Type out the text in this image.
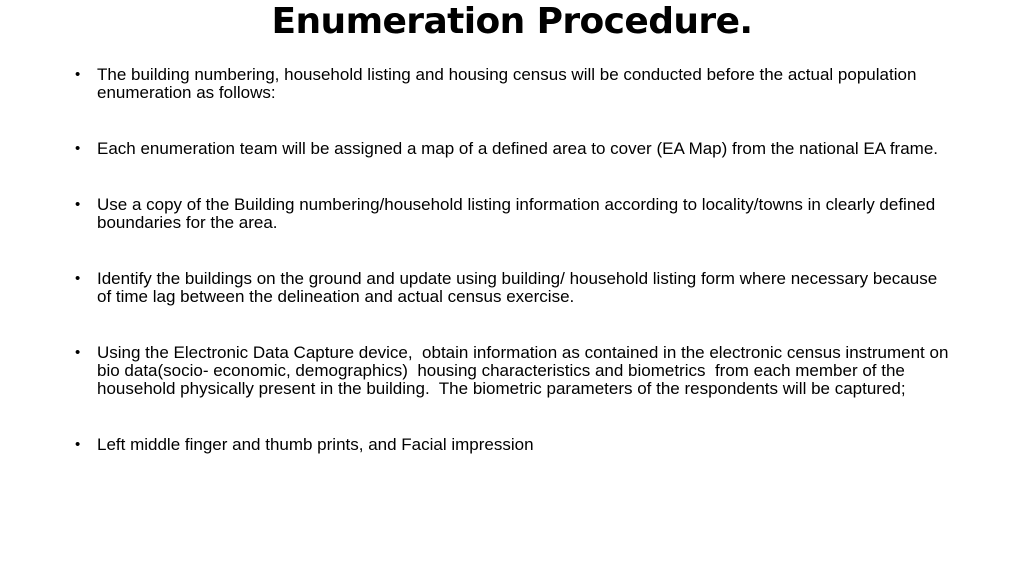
Enumeration Procedure.
• The building numbering, household listing and housing census will be conducted before the actual population enumeration as follows:
• Each enumeration team will be assigned a map of a defined area to cover (EA Map) from the national EA frame.
• Use a copy of the Building numbering/household listing information according to locality/towns in clearly defined boundaries for the area.
• Identify the buildings on the ground and update using building/ household listing form where necessary because of time lag between the delineation and actual census exercise.
• Using the Electronic Data Capture device,  obtain information as contained in the electronic census instrument on bio data(socio- economic, demographics)  housing characteristics and biometrics  from each member of the household physically present in the building.  The biometric parameters of the respondents will be captured;
• Left middle finger and thumb prints, and Facial impression
